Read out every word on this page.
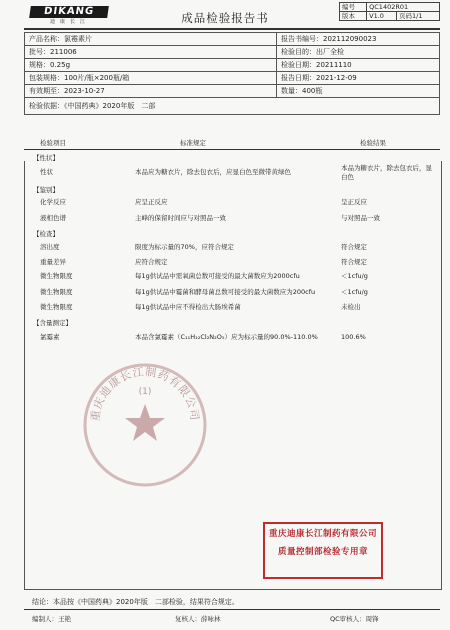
DIKANG
迪康长江	成品检验报告书
编号	QC1402R01	
版本	V1.0	页码1/1
产品名称：氯霉素片	报告书编号：202112090023
批号：211006	检验目的：出厂全检
规格：0.25g	检验日期：20211110
包装规格：100片/瓶×200瓶/箱	报告日期：2021-12-09
有效期至：2023-10-27	数量：400瓶
检验依据：《中国药典》2020年版　二部	
检验项目	标准规定	检验结果
【性状】
性状	本品应为糖衣片，除去包衣后，应显白色至微带黄绿色	本品为糖衣片，除去包衣后，显白色
【鉴别】
化学反应	应呈正反应	呈正反应
液相色谱	主峰的保留时间应与对照品一致	与对照品一致
【检查】
溶出度	限度为标示量的70%，应符合规定	符合规定
重量差异	应符合规定	符合规定
微生物限度	每1g供试品中需氧菌总数可接受的最大菌数应为2000cfu	＜1cfu/g
微生物限度	每1g供试品中霉菌和酵母菌总数可接受的最大菌数应为200cfu	＜1cfu/g
微生物限度	每1g供试品中应不得检出大肠埃希菌	未检出
【含量测定】
氯霉素	本品含氯霉素（C₁₁H₁₂Cl₂N₂O₅）应为标示量的90.0%-110.0%	100.6%
重庆迪康长江制药有限公司
(1)
重庆迪康长江制药有限公司
质量控制部检验专用章
结论：本品按《中国药典》2020年版　二部检验，结果符合规定。
编制人：王艳	复核人：薛咏林	QC审核人：周锋
